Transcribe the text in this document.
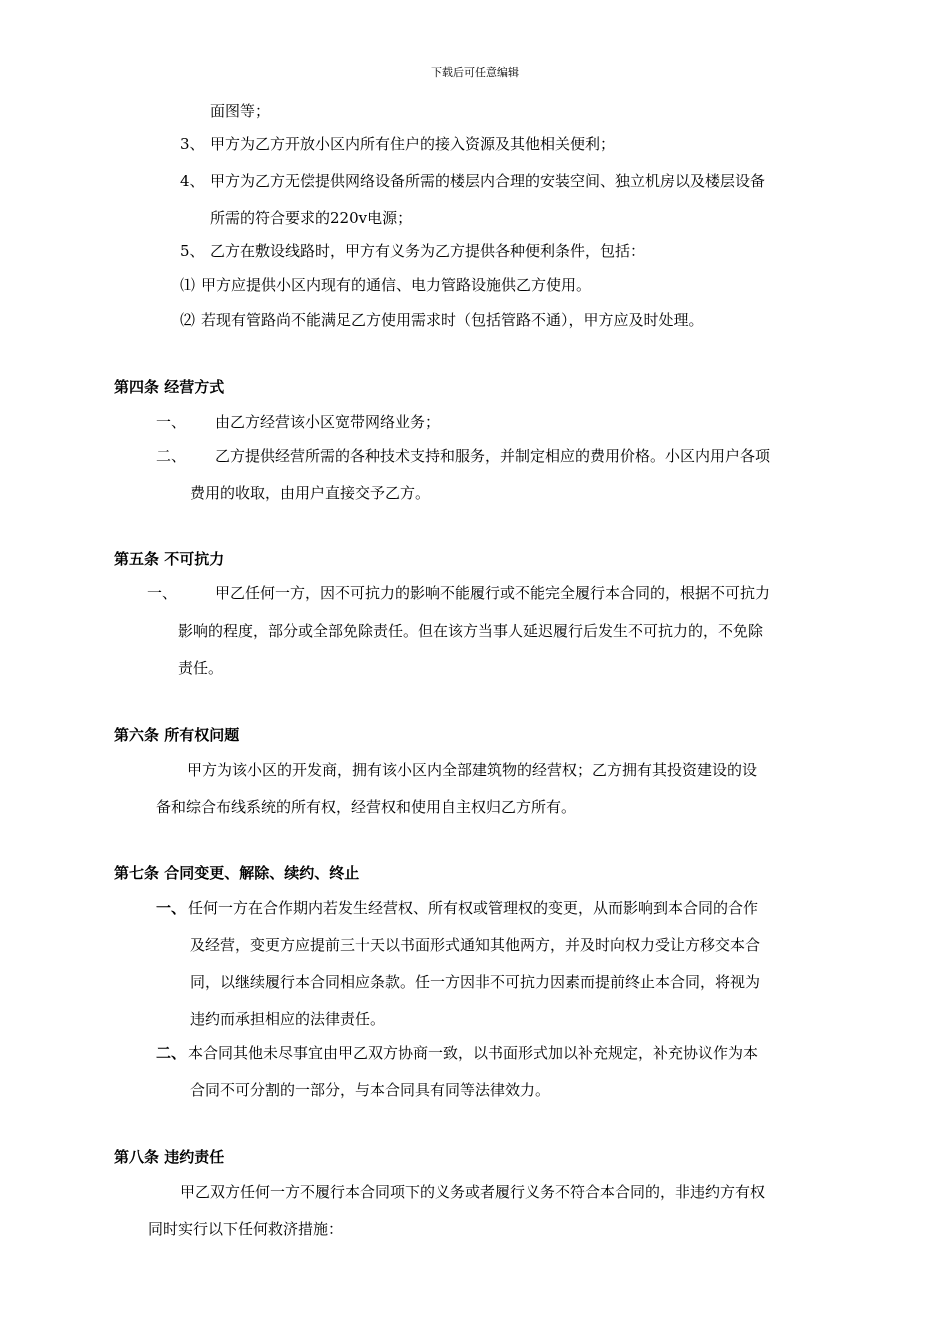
下载后可任意编辑
面图等；
3、 甲方为乙方开放小区内所有住户的接入资源及其他相关便利；
4、 甲方为乙方无偿提供网络设备所需的楼层内合理的安装空间、独立机房以及楼层设备
所需的符合要求的220v电源；
5、 乙方在敷设线路时，甲方有义务为乙方提供各种便利条件，包括：
⑴ 甲方应提供小区内现有的通信、电力管路设施供乙方使用。
⑵ 若现有管路尚不能满足乙方使用需求时（包括管路不通），甲方应及时处理。
第四条 经营方式
一、 由乙方经营该小区宽带网络业务；
二、 乙方提供经营所需的各种技术支持和服务，并制定相应的费用价格。小区内用户各项
费用的收取，由用户直接交予乙方。
第五条 不可抗力
一、	甲乙任何一方，因不可抗力的影响不能履行或不能完全履行本合同的，根据不可抗力
影响的程度，部分或全部免除责任。但在该方当事人延迟履行后发生不可抗力的，不免除
责任。
第六条 所有权问题
甲方为该小区的开发商，拥有该小区内全部建筑物的经营权；乙方拥有其投资建设的设
备和综合布线系统的所有权，经营权和使用自主权归乙方所有。
第七条 合同变更、解除、续约、终止
一、 任何一方在合作期内若发生经营权、所有权或管理权的变更，从而影响到本合同的合作
及经营，变更方应提前三十天以书面形式通知其他两方，并及时向权力受让方移交本合
同，以继续履行本合同相应条款。任一方因非不可抗力因素而提前终止本合同，将视为
违约而承担相应的法律责任。
二、 本合同其他未尽事宜由甲乙双方协商一致，以书面形式加以补充规定，补充协议作为本
合同不可分割的一部分，与本合同具有同等法律效力。
第八条 违约责任
甲乙双方任何一方不履行本合同项下的义务或者履行义务不符合本合同的，非违约方有权
同时实行以下任何救济措施：
